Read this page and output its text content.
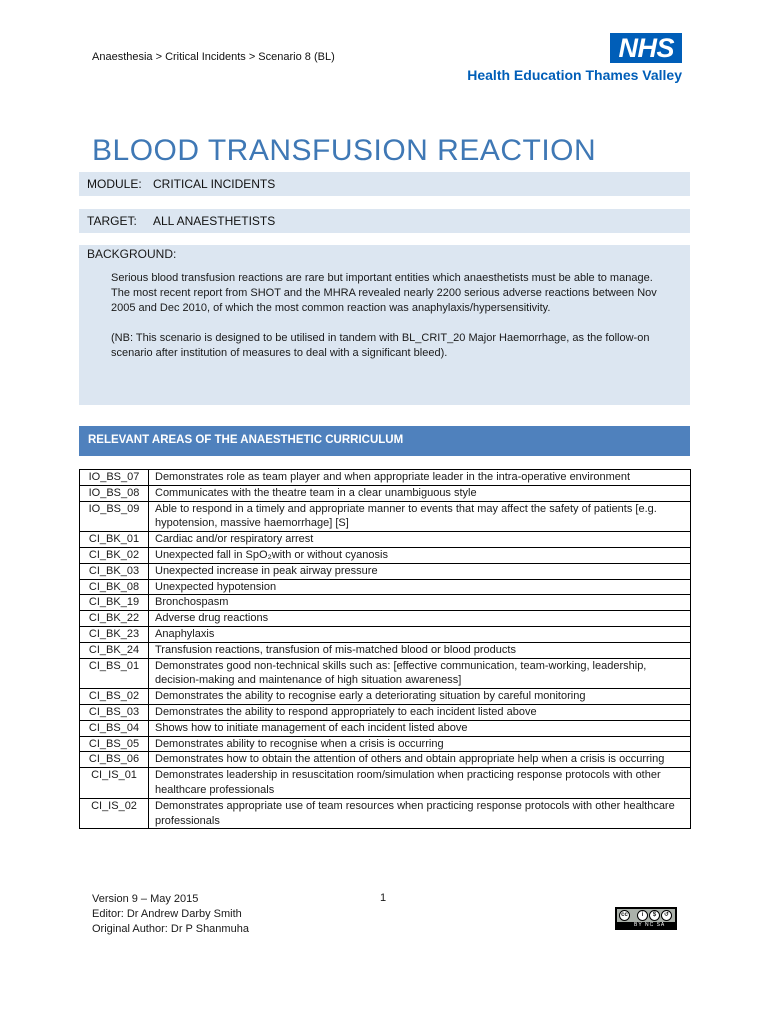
Anaesthesia > Critical Incidents > Scenario 8 (BL)	NHS
Health Education Thames Valley
BLOOD TRANSFUSION REACTION
MODULE: CRITICAL INCIDENTS
TARGET: ALL ANAESTHETISTS
BACKGROUND:

Serious blood transfusion reactions are rare but important entities which anaesthetists must be able to manage. The most recent report from SHOT and the MHRA revealed nearly 2200 serious adverse reactions between Nov 2005 and Dec 2010, of which the most common reaction was anaphylaxis/hypersensitivity.

(NB: This scenario is designed to be utilised in tandem with BL_CRIT_20 Major Haemorrhage, as the follow-on scenario after institution of measures to deal with a significant bleed).

RELEVANT AREAS OF THE ANAESTHETIC CURRICULUM
IO_BS_07	Demonstrates role as team player and when appropriate leader in the intra-operative environment
IO_BS_08	Communicates with the theatre team in a clear unambiguous style
IO_BS_09	Able to respond in a timely and appropriate manner to events that may affect the safety of patients [e.g. hypotension, massive haemorrhage] [S]
CI_BK_01	Cardiac and/or respiratory arrest
CI_BK_02	Unexpected fall in SpO₂with or without cyanosis
CI_BK_03	Unexpected increase in peak airway pressure
CI_BK_08	Unexpected hypotension
CI_BK_19	Bronchospasm
CI_BK_22	Adverse drug reactions
CI_BK_23	Anaphylaxis
CI_BK_24	Transfusion reactions, transfusion of mis-matched blood or blood products
CI_BS_01	Demonstrates good non-technical skills such as: [effective communication, team-working, leadership, decision-making and maintenance of high situation awareness]
CI_BS_02	Demonstrates the ability to recognise early a deteriorating situation by careful monitoring
CI_BS_03	Demonstrates the ability to respond appropriately to each incident listed above
CI_BS_04	Shows how to initiate management of each incident listed above
CI_BS_05	Demonstrates ability to recognise when a crisis is occurring
CI_BS_06	Demonstrates how to obtain the attention of others and obtain appropriate help when a crisis is occurring
CI_IS_01	Demonstrates leadership in resuscitation room/simulation when practicing response protocols with other healthcare professionals
CI_IS_02	Demonstrates appropriate use of team resources when practicing response protocols with other healthcare professionals
Version 9 – May 2015
Editor: Dr Andrew Darby Smith
Original Author: Dr P Shanmuha
1
cc	i	$	↺
BY NC SA
